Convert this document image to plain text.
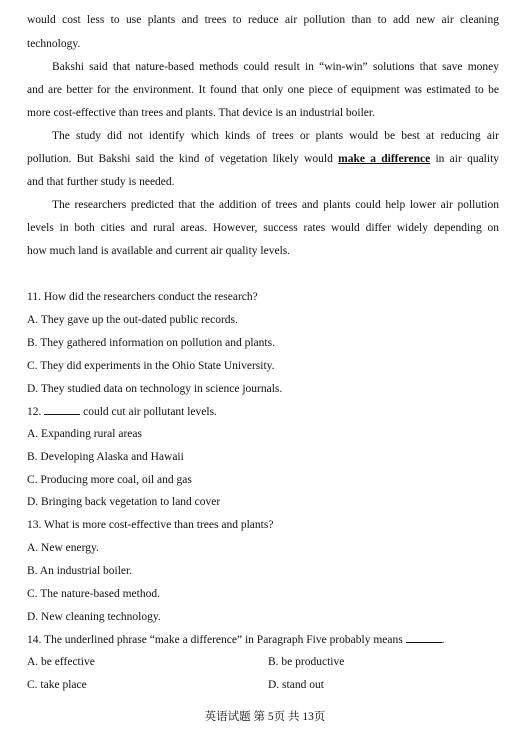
would cost less to use plants and trees to reduce air pollution than to add new air cleaning
technology.
Bakshi said that nature-based methods could result in “win-win” solutions that save money
and are better for the environment. It found that only one piece of equipment was estimated to be
more cost-effective than trees and plants. That device is an industrial boiler.
The study did not identify which kinds of trees or plants would be best at reducing air
pollution. But Bakshi said the kind of vegetation likely would make a difference in air quality
and that further study is needed.
The researchers predicted that the addition of trees and plants could help lower air pollution
levels in both cities and rural areas. However, success rates would differ widely depending on
how much land is available and current air quality levels.
11. How did the researchers conduct the research?
A. They gave up the out-dated public records.
B. They gathered information on pollution and plants.
C. They did experiments in the Ohio State University.
D. They studied data on technology in science journals.
12.	could cut air pollutant levels.
A. Expanding rural areas
B. Developing Alaska and Hawaii
C. Producing more coal, oil and gas
D. Bringing back vegetation to land cover
13. What is more cost-effective than trees and plants?
A. New energy.
B. An industrial boiler.
C. The nature-based method.
D. New cleaning technology.
14. The underlined phrase “make a difference” in Paragraph Five probably means	.
A. be effective	B. be productive
C. take place	D. stand out
英语试题 第 5页 共 13页
